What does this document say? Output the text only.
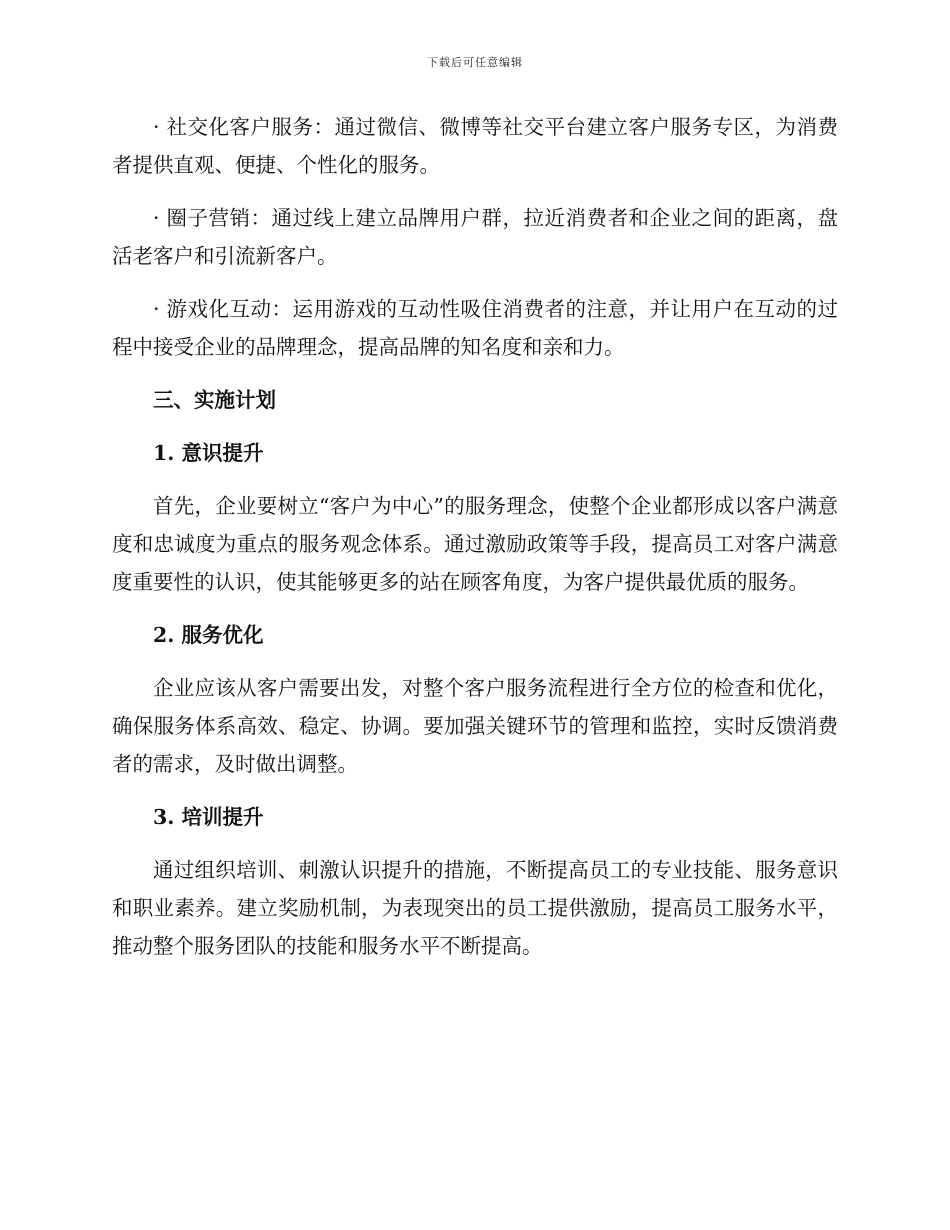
下载后可任意编辑

· 社交化客户服务：通过微信、微博等社交平台建立客户服务专区，为消费者提供直观、便捷、个性化的服务。

· 圈子营销：通过线上建立品牌用户群，拉近消费者和企业之间的距离，盘活老客户和引流新客户。

· 游戏化互动：运用游戏的互动性吸住消费者的注意，并让用户在互动的过程中接受企业的品牌理念，提高品牌的知名度和亲和力。

三、实施计划
1. 意识提升

首先，企业要树立“客户为中心”的服务理念，使整个企业都形成以客户满意度和忠诚度为重点的服务观念体系。通过激励政策等手段，提高员工对客户满意度重要性的认识，使其能够更多的站在顾客角度，为客户提供最优质的服务。

2. 服务优化

企业应该从客户需要出发，对整个客户服务流程进行全方位的检查和优化，确保服务体系高效、稳定、协调。要加强关键环节的管理和监控，实时反馈消费者的需求，及时做出调整。

3. 培训提升

通过组织培训、刺激认识提升的措施，不断提高员工的专业技能、服务意识和职业素养。建立奖励机制，为表现突出的员工提供激励，提高员工服务水平，推动整个服务团队的技能和服务水平不断提高。
